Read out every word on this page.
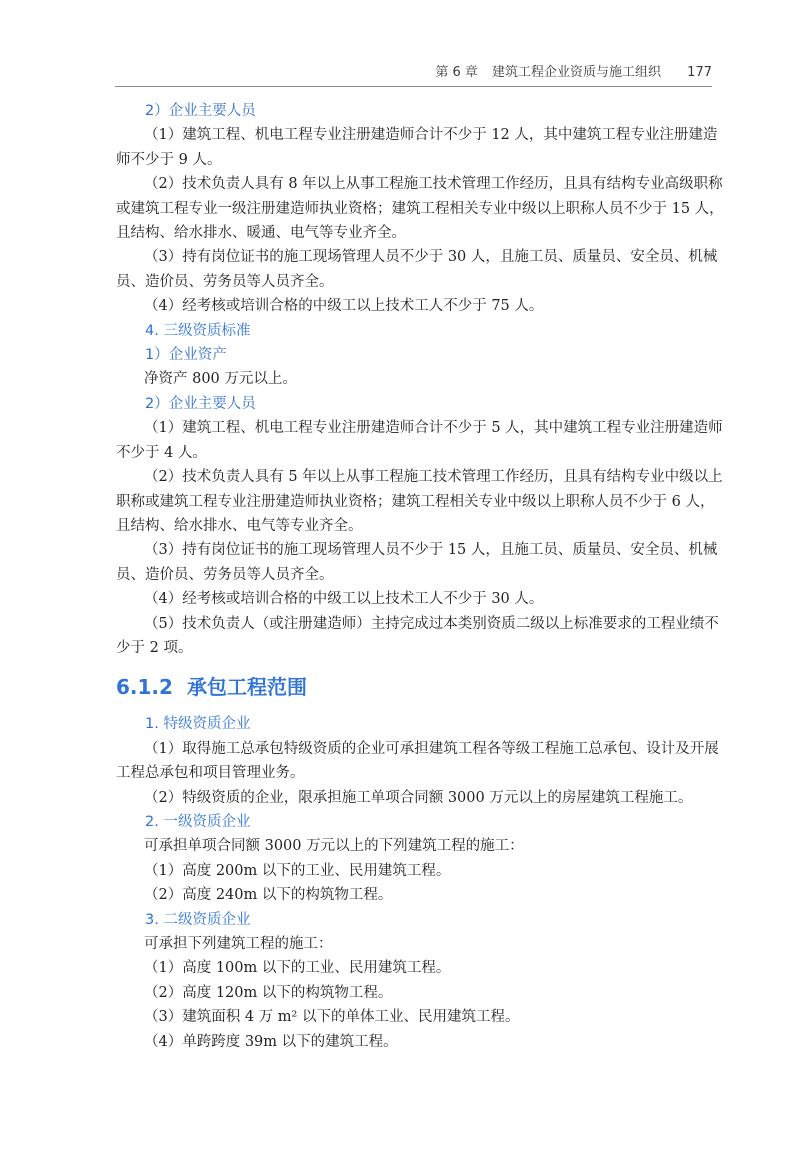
第 6 章 建筑工程企业资质与施工组织 177
2）企业主要人员

（1）建筑工程、机电工程专业注册建造师合计不少于 12 人，其中建筑工程专业注册建造师不少于 9 人。

（2）技术负责人具有 8 年以上从事工程施工技术管理工作经历，且具有结构专业高级职称或建筑工程专业一级注册建造师执业资格；建筑工程相关专业中级以上职称人员不少于 15 人，且结构、给水排水、暖通、电气等专业齐全。

（3）持有岗位证书的施工现场管理人员不少于 30 人，且施工员、质量员、安全员、机械员、造价员、劳务员等人员齐全。

（4）经考核或培训合格的中级工以上技术工人不少于 75 人。

4. 三级资质标准
1）企业资产

净资产 800 万元以上。

2）企业主要人员

（1）建筑工程、机电工程专业注册建造师合计不少于 5 人，其中建筑工程专业注册建造师不少于 4 人。

（2）技术负责人具有 5 年以上从事工程施工技术管理工作经历，且具有结构专业中级以上职称或建筑工程专业注册建造师执业资格；建筑工程相关专业中级以上职称人员不少于 6 人，且结构、给水排水、电气等专业齐全。

（3）持有岗位证书的施工现场管理人员不少于 15 人，且施工员、质量员、安全员、机械员、造价员、劳务员等人员齐全。

（4）经考核或培训合格的中级工以上技术工人不少于 30 人。

（5）技术负责人（或注册建造师）主持完成过本类别资质二级以上标准要求的工程业绩不少于 2 项。

6.1.2 承包工程范围
1. 特级资质企业

（1）取得施工总承包特级资质的企业可承担建筑工程各等级工程施工总承包、设计及开展工程总承包和项目管理业务。

（2）特级资质的企业，限承担施工单项合同额 3000 万元以上的房屋建筑工程施工。

2. 一级资质企业

可承担单项合同额 3000 万元以上的下列建筑工程的施工：

（1）高度 200m 以下的工业、民用建筑工程。

（2）高度 240m 以下的构筑物工程。

3. 二级资质企业

可承担下列建筑工程的施工：

（1）高度 100m 以下的工业、民用建筑工程。

（2）高度 120m 以下的构筑物工程。

（3）建筑面积 4 万 m² 以下的单体工业、民用建筑工程。

（4）单跨跨度 39m 以下的建筑工程。
